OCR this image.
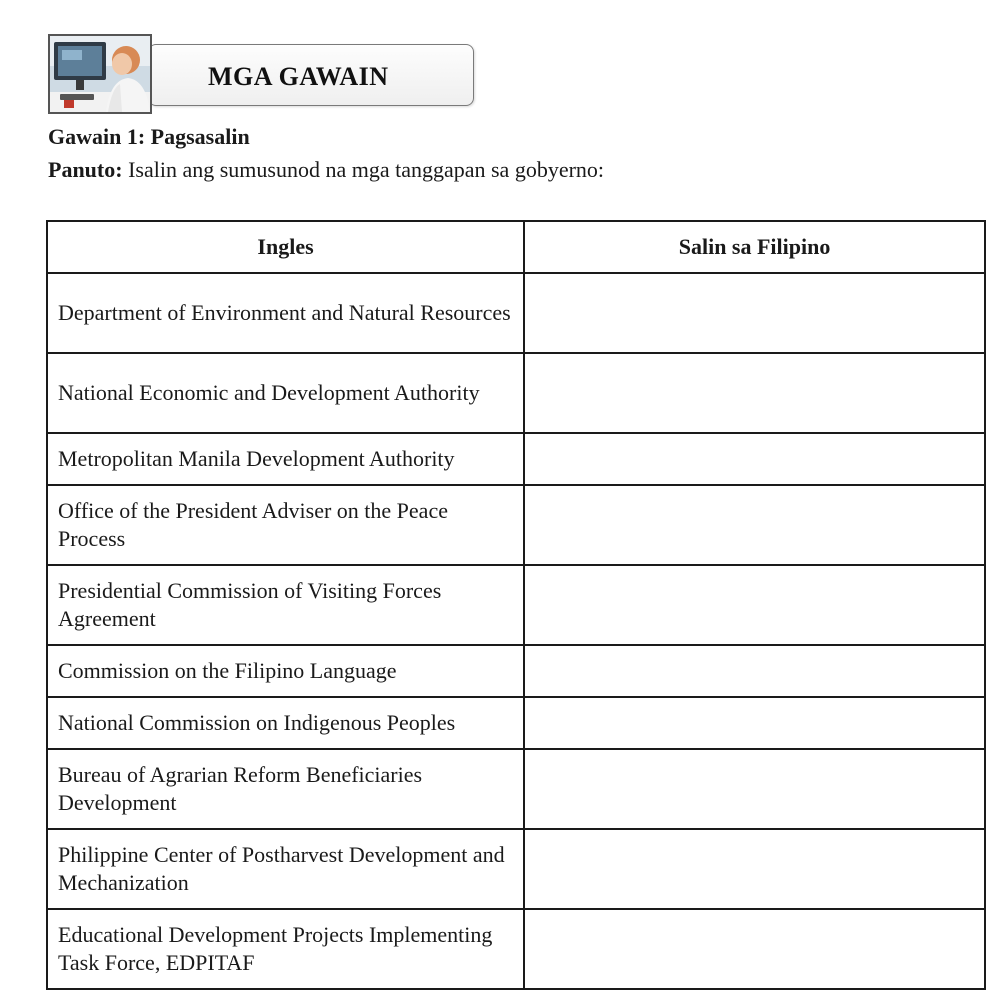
MGA GAWAIN
Gawain 1: Pagsasalin
Panuto: Isalin ang sumusunod na mga tanggapan sa gobyerno:
Ingles	Salin sa Filipino
Department of Environment and Natural Resources	
National Economic and Development Authority	
Metropolitan Manila Development Authority	
Office of the President Adviser on the Peace Process	
Presidential Commission of Visiting Forces Agreement	
Commission on the Filipino Language	
National Commission on Indigenous Peoples	
Bureau of Agrarian Reform Beneficiaries Development	
Philippine Center of Postharvest Development and Mechanization	
Educational Development Projects Implementing Task Force, EDPITAF	
